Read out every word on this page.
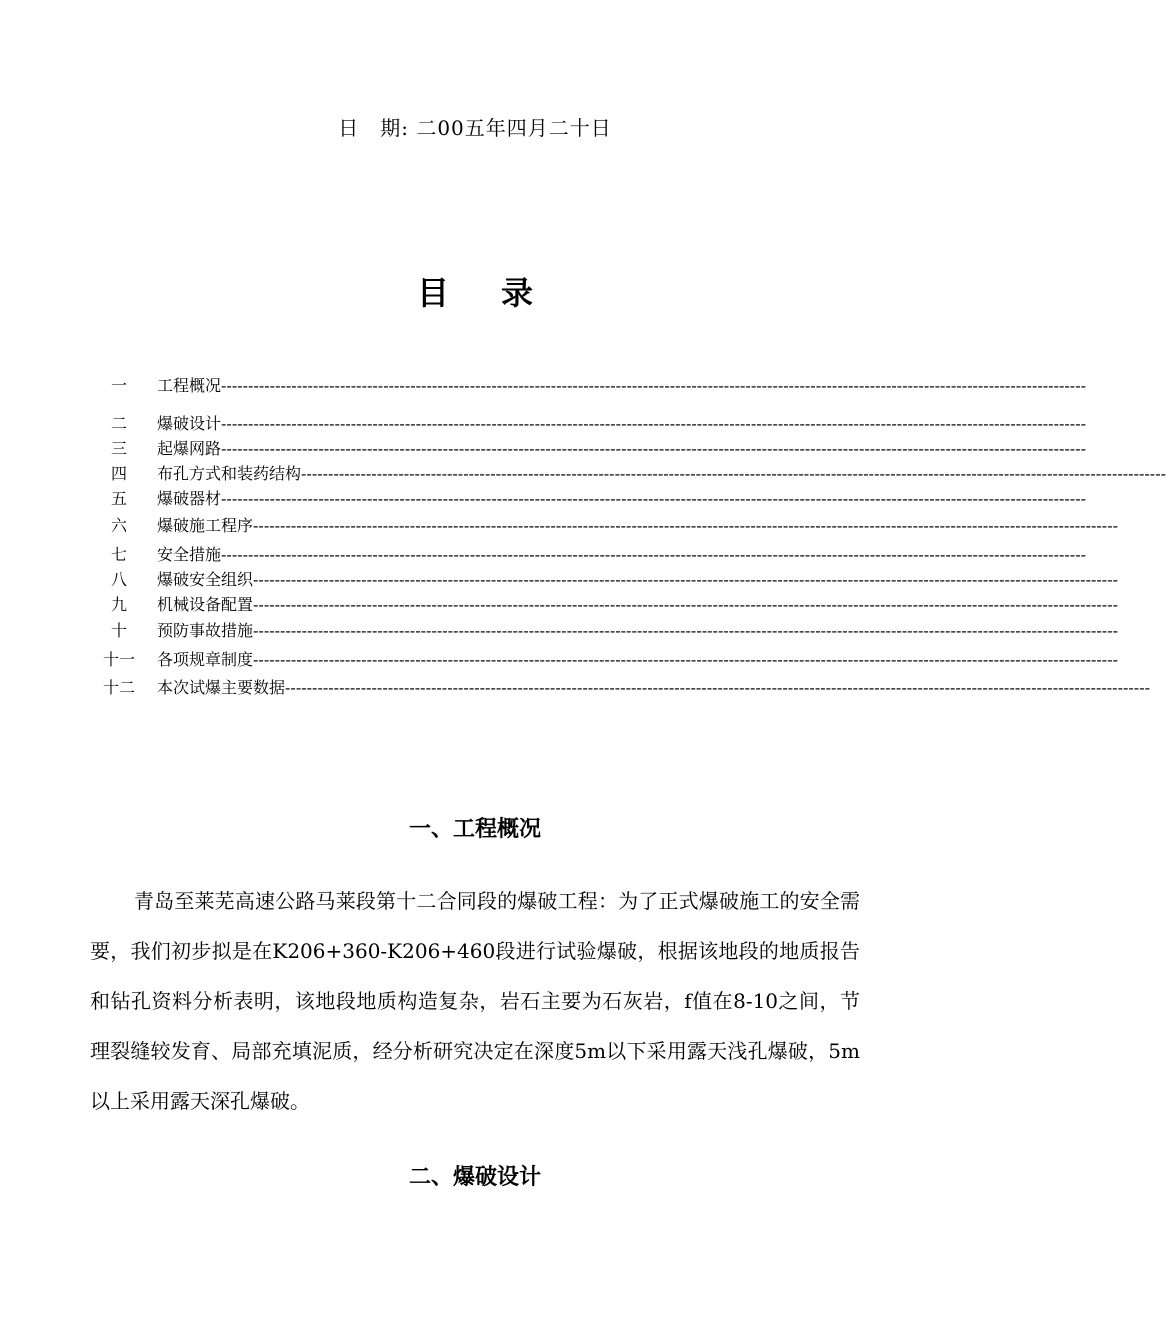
日　期: 二00五年四月二十日
目 录
一	工程概况----------------------------------------------------------------------------------------------------------------------------------------------------------------
二	爆破设计----------------------------------------------------------------------------------------------------------------------------------------------------------------
三	起爆网路----------------------------------------------------------------------------------------------------------------------------------------------------------------
四	布孔方式和装药结构----------------------------------------------------------------------------------------------------------------------------------------------------------------
五	爆破器材----------------------------------------------------------------------------------------------------------------------------------------------------------------
六	爆破施工程序----------------------------------------------------------------------------------------------------------------------------------------------------------------
七	安全措施----------------------------------------------------------------------------------------------------------------------------------------------------------------
八	爆破安全组织----------------------------------------------------------------------------------------------------------------------------------------------------------------
九	机械设备配置----------------------------------------------------------------------------------------------------------------------------------------------------------------
十	预防事故措施----------------------------------------------------------------------------------------------------------------------------------------------------------------
十一	各项规章制度----------------------------------------------------------------------------------------------------------------------------------------------------------------
十二	本次试爆主要数据----------------------------------------------------------------------------------------------------------------------------------------------------------------
一、工程概况
青岛至莱芜高速公路马莱段第十二合同段的爆破工程：为了正式爆破施工的安全需要，我们初步拟是在K206+360-K206+460段进行试验爆破，根据该地段的地质报告和钻孔资料分析表明，该地段地质构造复杂，岩石主要为石灰岩，f值在8-10之间，节理裂缝较发育、局部充填泥质，经分析研究决定在深度5m以下采用露天浅孔爆破，5m以上采用露天深孔爆破。
二、爆破设计
